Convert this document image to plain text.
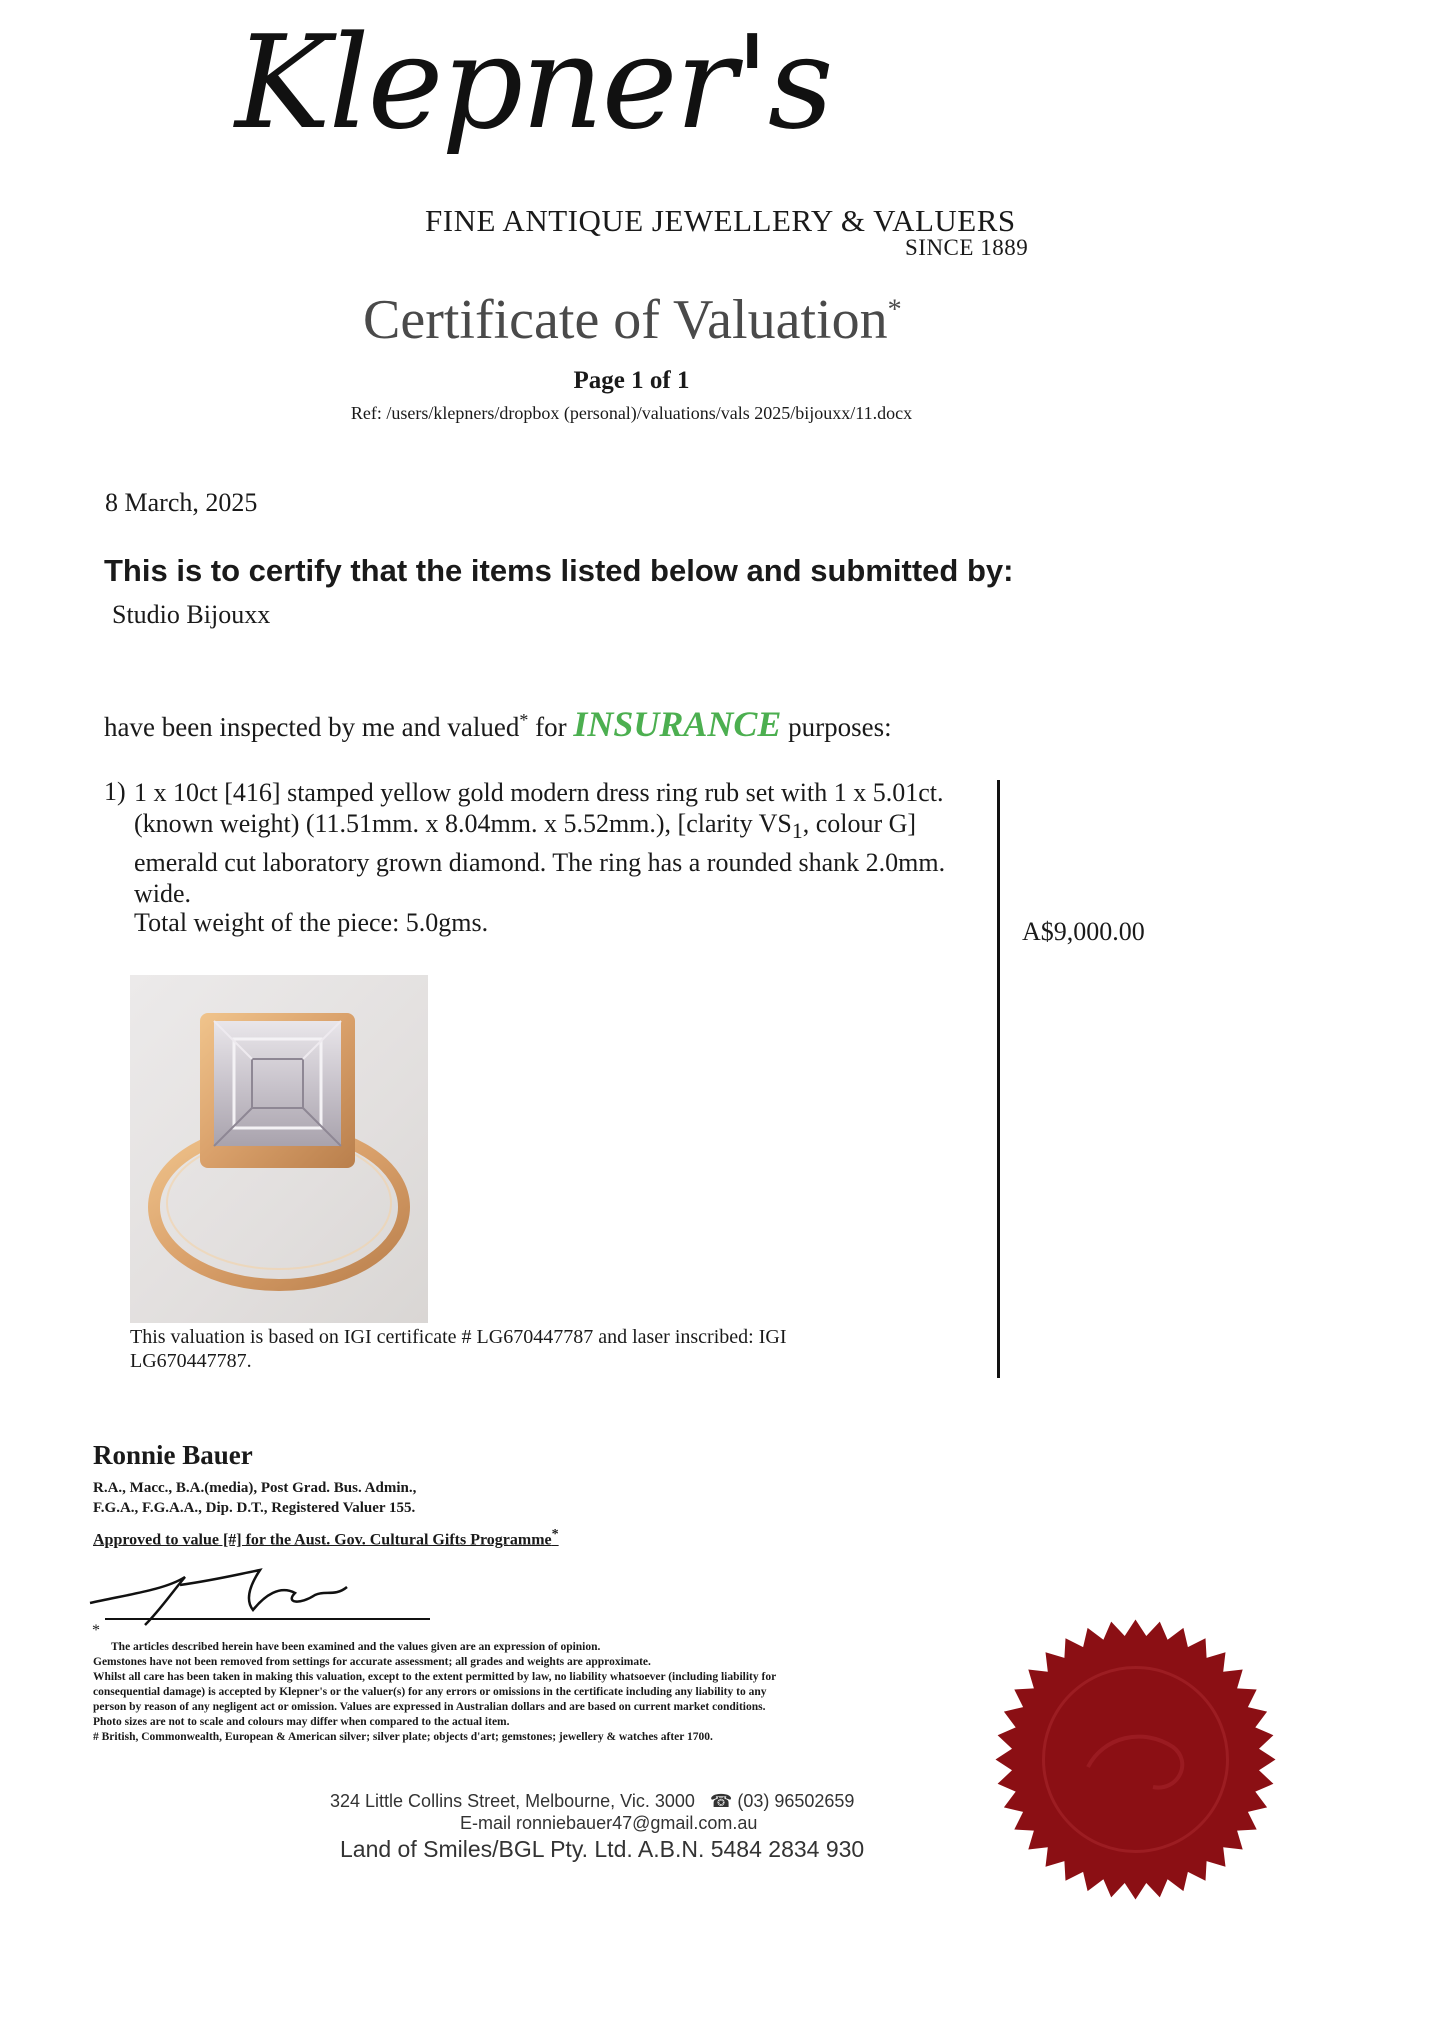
Klepner's
FINE ANTIQUE JEWELLERY & VALUERS
SINCE 1889
Certificate of Valuation*
Page 1 of 1
Ref: /users/klepners/dropbox (personal)/valuations/vals 2025/bijouxx/11.docx
8 March, 2025
This is to certify that the items listed below and submitted by:
Studio Bijouxx
have been inspected by me and valued* for INSURANCE purposes:
1) 1 x 10ct [416] stamped yellow gold modern dress ring rub set with 1 x 5.01ct. (known weight) (11.51mm. x 8.04mm. x 5.52mm.), [clarity $VS_1$, colour G] emerald cut laboratory grown diamond. The ring has a rounded shank 2.0mm. wide.
Total weight of the piece: 5.0gms.	A$9,000.00
This valuation is based on IGI certificate # LG670447787 and laser inscribed: IGI LG670447787.
Ronnie Bauer
R.A., Macc., B.A.(media), Post Grad. Bus. Admin.,
F.G.A., F.G.A.A., Dip. D.T., Registered Valuer 155.
Approved to value [#] for the Aust. Gov. Cultural Gifts Programme*
*
The articles described herein have been examined and the values given are an expression of opinion.
Gemstones have not been removed from settings for accurate assessment; all grades and weights are approximate.
Whilst all care has been taken in making this valuation, except to the extent permitted by law, no liability whatsoever (including liability for
consequential damage) is accepted by Klepner's or the valuer(s) for any errors or omissions in the certificate including any liability to any
person by reason of any negligent act or omission. Values are expressed in Australian dollars and are based on current market conditions.
Photo sizes are not to scale and colours may differ when compared to the actual item.
# British, Commonwealth, European & American silver; silver plate; objects d'art; gemstones; jewellery & watches after 1700.
324 Little Collins Street, Melbourne, Vic. 3000 ☎ (03) 96502659
E-mail ronniebauer47@gmail.com.au
Land of Smiles/BGL Pty. Ltd. A.B.N. 5484 2834 930
